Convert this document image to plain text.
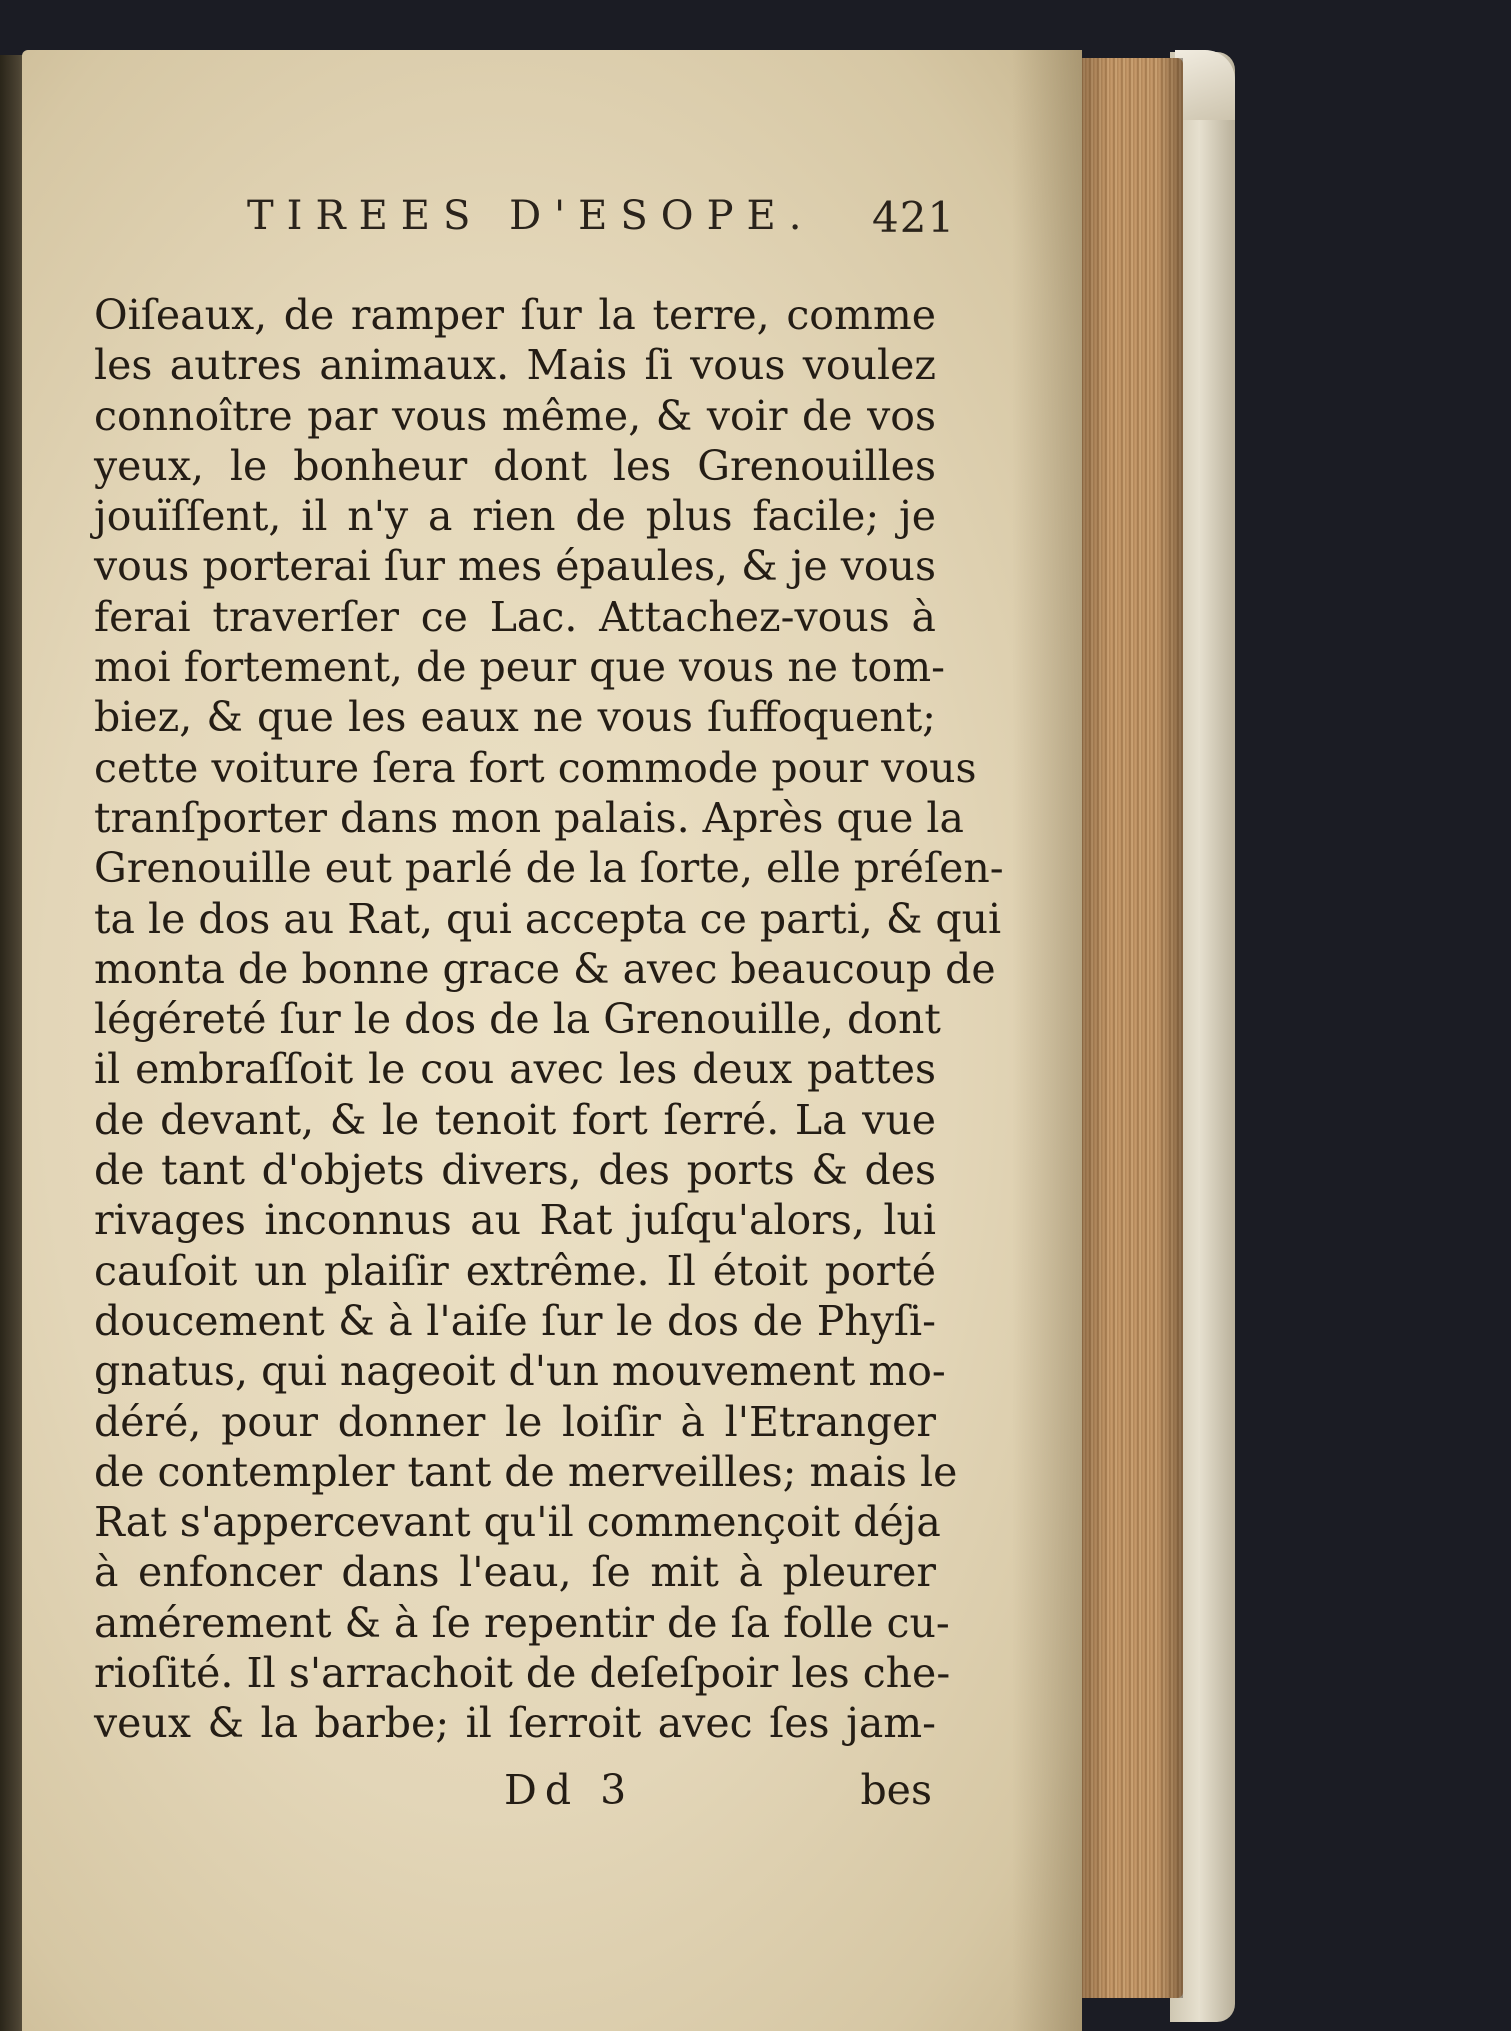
TIREES D'ESOPE. 421
Oiſeaux, de ramper ſur la terre, comme
les autres animaux. Mais ſi vous voulez
connoître par vous même, & voir de vos
yeux, le bonheur dont les Grenouilles
jouïſſent, il n'y a rien de plus facile; je
vous porterai ſur mes épaules, & je vous
ferai traverſer ce Lac. Attachez-vous à
moi fortement, de peur que vous ne tom-
biez, & que les eaux ne vous ſuffoquent;
cette voiture ſera fort commode pour vous
tranſporter dans mon palais. Après que la
Grenouille eut parlé de la ſorte, elle préſen-
ta le dos au Rat, qui accepta ce parti, & qui
monta de bonne grace & avec beaucoup de
légéreté ſur le dos de la Grenouille, dont
il embraſſoit le cou avec les deux pattes
de devant, & le tenoit fort ſerré. La vue
de tant d'objets divers, des ports & des
rivages inconnus au Rat juſqu'alors, lui
cauſoit un plaiſir extrême. Il étoit porté
doucement & à l'aiſe ſur le dos de Phyſi-
gnatus, qui nageoit d'un mouvement mo-
déré, pour donner le loiſir à l'Etranger
de contempler tant de merveilles; mais le
Rat s'appercevant qu'il commençoit déja
à enfoncer dans l'eau, ſe mit à pleurer
amérement & à ſe repentir de ſa folle cu-
rioſité. Il s'arrachoit de deſeſpoir les che-
veux & la barbe; il ſerroit avec ſes jam-
Dd 3	bes
